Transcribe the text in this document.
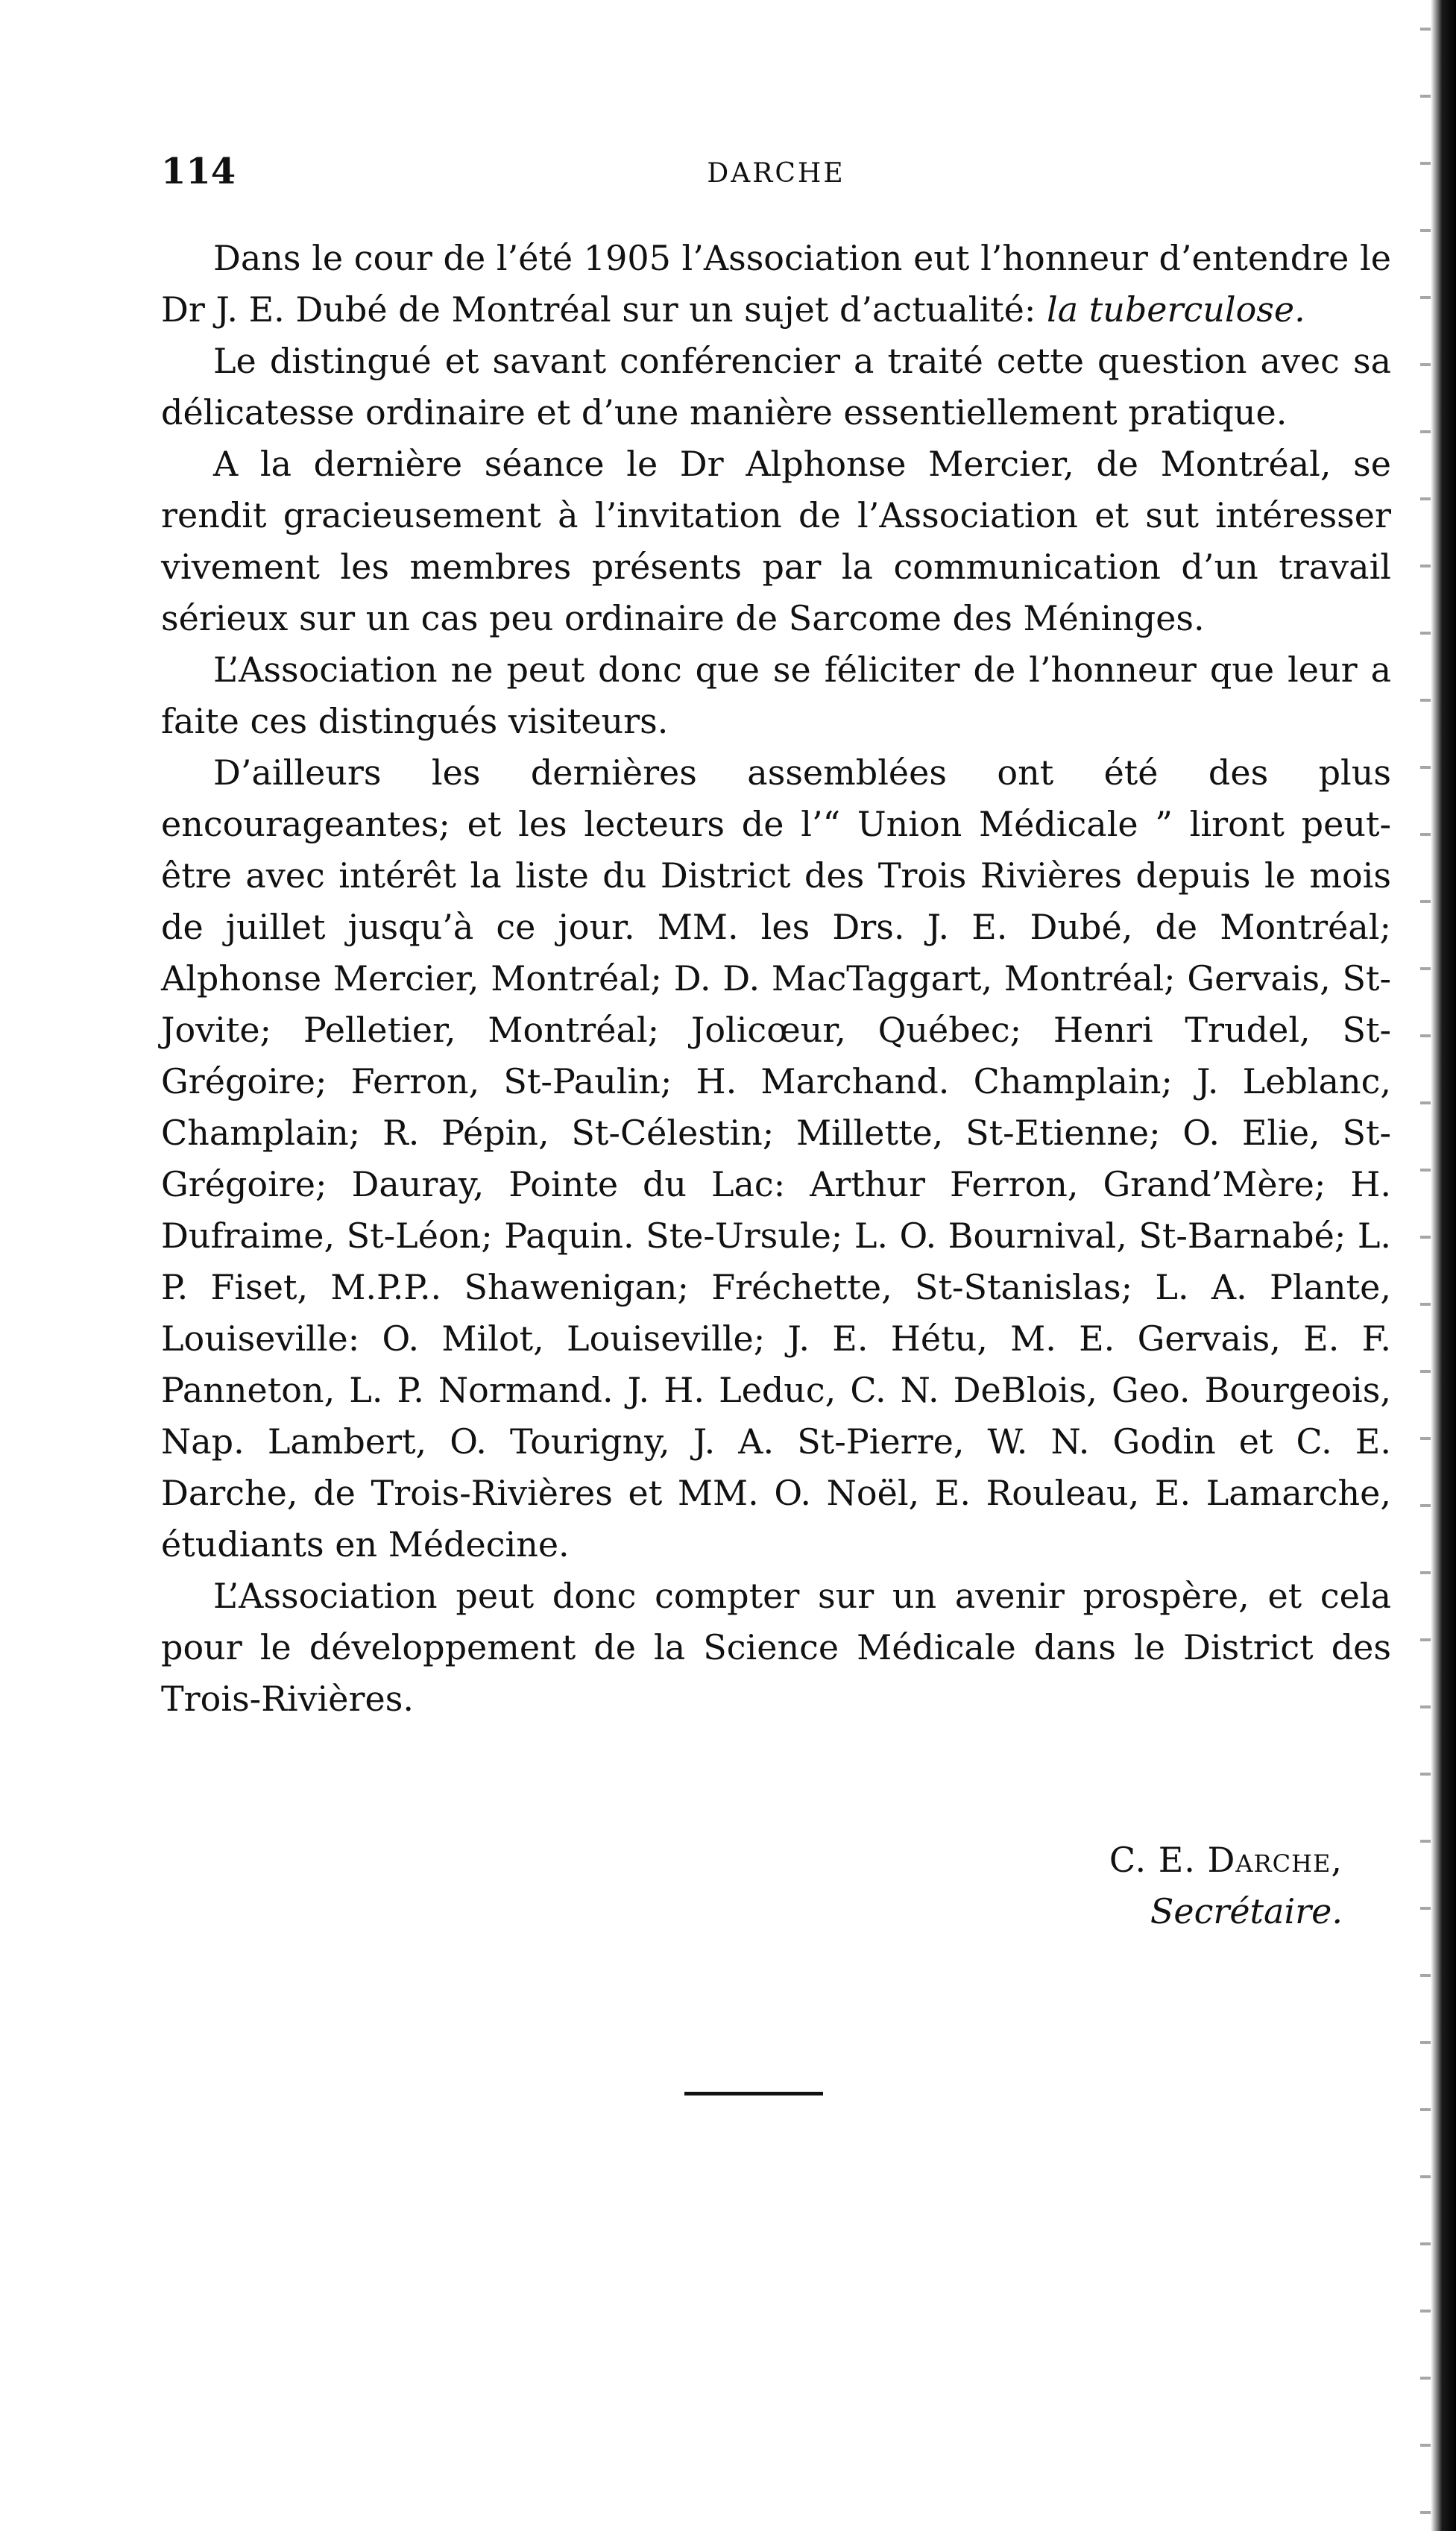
114	DARCHE

Dans le cour de l’été 1905 l’Association eut l’honneur d’entendre le Dr J. E. Dubé de Montréal sur un sujet d’actualité: la tuberculose.

Le distingué et savant conférencier a traité cette question avec sa délicatesse ordinaire et d’une manière essentiellement pratique.

A la dernière séance le Dr Alphonse Mercier, de Montréal, se rendit gracieusement à l’invitation de l’Association et sut intéresser vivement les membres présents par la communication d’un travail sérieux sur un cas peu ordinaire de Sarcome des Méninges.

L’Association ne peut donc que se féliciter de l’honneur que leur a faite ces distingués visiteurs.

D’ailleurs les dernières assemblées ont été des plus encourageantes; et les lecteurs de l’“ Union Médicale ” liront peut-être avec intérêt la liste du District des Trois Rivières depuis le mois de juillet jusqu’à ce jour. MM. les Drs. J. E. Dubé, de Montréal; Alphonse Mercier, Montréal; D. D. MacTaggart, Montréal; Gervais, St-Jovite; Pelletier, Montréal; Jolicœur, Québec; Henri Trudel, St-Grégoire; Ferron, St-Paulin; H. Marchand. Champlain; J. Leblanc, Champlain; R. Pépin, St-Célestin; Millette, St-Etienne; O. Elie, St-Grégoire; Dauray, Pointe du Lac: Arthur Ferron, Grand’Mère; H. Dufraime, St-Léon; Paquin. Ste-Ursule; L. O. Bournival, St-Barnabé; L. P. Fiset, M.P.P.. Shawenigan; Fréchette, St-Stanislas; L. A. Plante, Louiseville: O. Milot, Louiseville; J. E. Hétu, M. E. Gervais, E. F. Panneton, L. P. Normand. J. H. Leduc, C. N. DeBlois, Geo. Bourgeois, Nap. Lambert, O. Tourigny, J. A. St-Pierre, W. N. Godin et C. E. Darche, de Trois-Rivières et MM. O. Noël, E. Rouleau, E. Lamarche, étudiants en Médecine.

L’Association peut donc compter sur un avenir prospère, et cela pour le développement de la Science Médicale dans le District des Trois-Rivières.

C. E. Darche,
Secrétaire.
